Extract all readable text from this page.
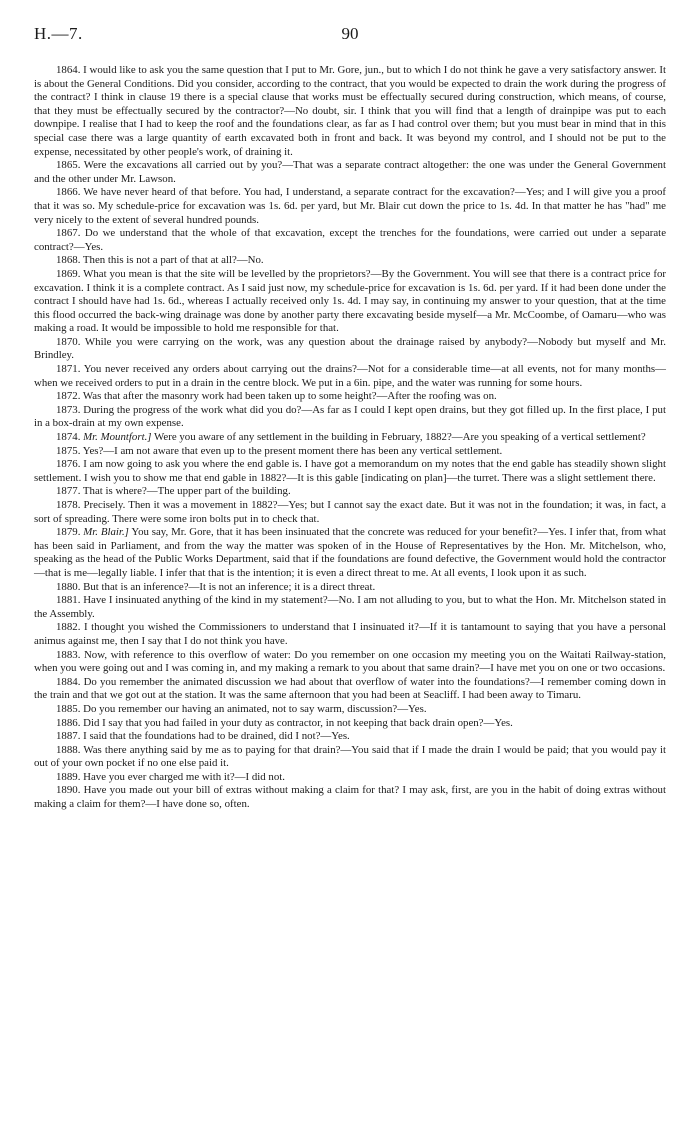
H.—7.	90

1864. I would like to ask you the same question that I put to Mr. Gore, jun., but to which I do not think he gave a very satisfactory answer. It is about the General Conditions. Did you consider, according to the contract, that you would be expected to drain the work during the progress of the contract? I think in clause 19 there is a special clause that works must be effectually secured during construction, which means, of course, that they must be effectually secured by the contractor?—No doubt, sir. I think that you will find that a length of drainpipe was put to each downpipe. I realise that I had to keep the roof and the foundations clear, as far as I had control over them; but you must bear in mind that in this special case there was a large quantity of earth excavated both in front and back. It was beyond my control, and I should not be put to the expense, necessitated by other people's work, of draining it.

1865. Were the excavations all carried out by you?—That was a separate contract altogether: the one was under the General Government and the other under Mr. Lawson.

1866. We have never heard of that before. You had, I understand, a separate contract for the excavation?—Yes; and I will give you a proof that it was so. My schedule-price for excavation was 1s. 6d. per yard, but Mr. Blair cut down the price to 1s. 4d. In that matter he has "had" me very nicely to the extent of several hundred pounds.

1867. Do we understand that the whole of that excavation, except the trenches for the foundations, were carried out under a separate contract?—Yes.

1868. Then this is not a part of that at all?—No.

1869. What you mean is that the site will be levelled by the proprietors?—By the Government. You will see that there is a contract price for excavation. I think it is a complete contract. As I said just now, my schedule-price for excavation is 1s. 6d. per yard. If it had been done under the contract I should have had 1s. 6d., whereas I actually received only 1s. 4d. I may say, in continuing my answer to your question, that at the time this flood occurred the back-wing drainage was done by another party there excavating beside myself—a Mr. McCoombe, of Oamaru—who was making a road. It would be impossible to hold me responsible for that.

1870. While you were carrying on the work, was any question about the drainage raised by anybody?—Nobody but myself and Mr. Brindley.

1871. You never received any orders about carrying out the drains?—Not for a considerable time—at all events, not for many months—when we received orders to put in a drain in the centre block. We put in a 6in. pipe, and the water was running for some hours.

1872. Was that after the masonry work had been taken up to some height?—After the roofing was on.

1873. During the progress of the work what did you do?—As far as I could I kept open drains, but they got filled up. In the first place, I put in a box-drain at my own expense.

1874. Mr. Mountfort.] Were you aware of any settlement in the building in February, 1882?—Are you speaking of a vertical settlement?

1875. Yes?—I am not aware that even up to the present moment there has been any vertical settlement.

1876. I am now going to ask you where the end gable is. I have got a memorandum on my notes that the end gable has steadily shown slight settlement. I wish you to show me that end gable in 1882?—It is this gable [indicating on plan]—the turret. There was a slight settlement there.

1877. That is where?—The upper part of the building.

1878. Precisely. Then it was a movement in 1882?—Yes; but I cannot say the exact date. But it was not in the foundation; it was, in fact, a sort of spreading. There were some iron bolts put in to check that.

1879. Mr. Blair.] You say, Mr. Gore, that it has been insinuated that the concrete was reduced for your benefit?—Yes. I infer that, from what has been said in Parliament, and from the way the matter was spoken of in the House of Representatives by the Hon. Mr. Mitchelson, who, speaking as the head of the Public Works Department, said that if the foundations are found defective, the Government would hold the contractor—that is me—legally liable. I infer that that is the intention; it is even a direct threat to me. At all events, I look upon it as such.

1880. But that is an inference?—It is not an inference; it is a direct threat.

1881. Have I insinuated anything of the kind in my statement?—No. I am not alluding to you, but to what the Hon. Mr. Mitchelson stated in the Assembly.

1882. I thought you wished the Commissioners to understand that I insinuated it?—If it is tantamount to saying that you have a personal animus against me, then I say that I do not think you have.

1883. Now, with reference to this overflow of water: Do you remember on one occasion my meeting you on the Waitati Railway-station, when you were going out and I was coming in, and my making a remark to you about that same drain?—I have met you on one or two occasions.

1884. Do you remember the animated discussion we had about that overflow of water into the foundations?—I remember coming down in the train and that we got out at the station. It was the same afternoon that you had been at Seacliff. I had been away to Timaru.

1885. Do you remember our having an animated, not to say warm, discussion?—Yes.

1886. Did I say that you had failed in your duty as contractor, in not keeping that back drain open?—Yes.

1887. I said that the foundations had to be drained, did I not?—Yes.

1888. Was there anything said by me as to paying for that drain?—You said that if I made the drain I would be paid; that you would pay it out of your own pocket if no one else paid it.

1889. Have you ever charged me with it?—I did not.

1890. Have you made out your bill of extras without making a claim for that? I may ask, first, are you in the habit of doing extras without making a claim for them?—I have done so, often.
